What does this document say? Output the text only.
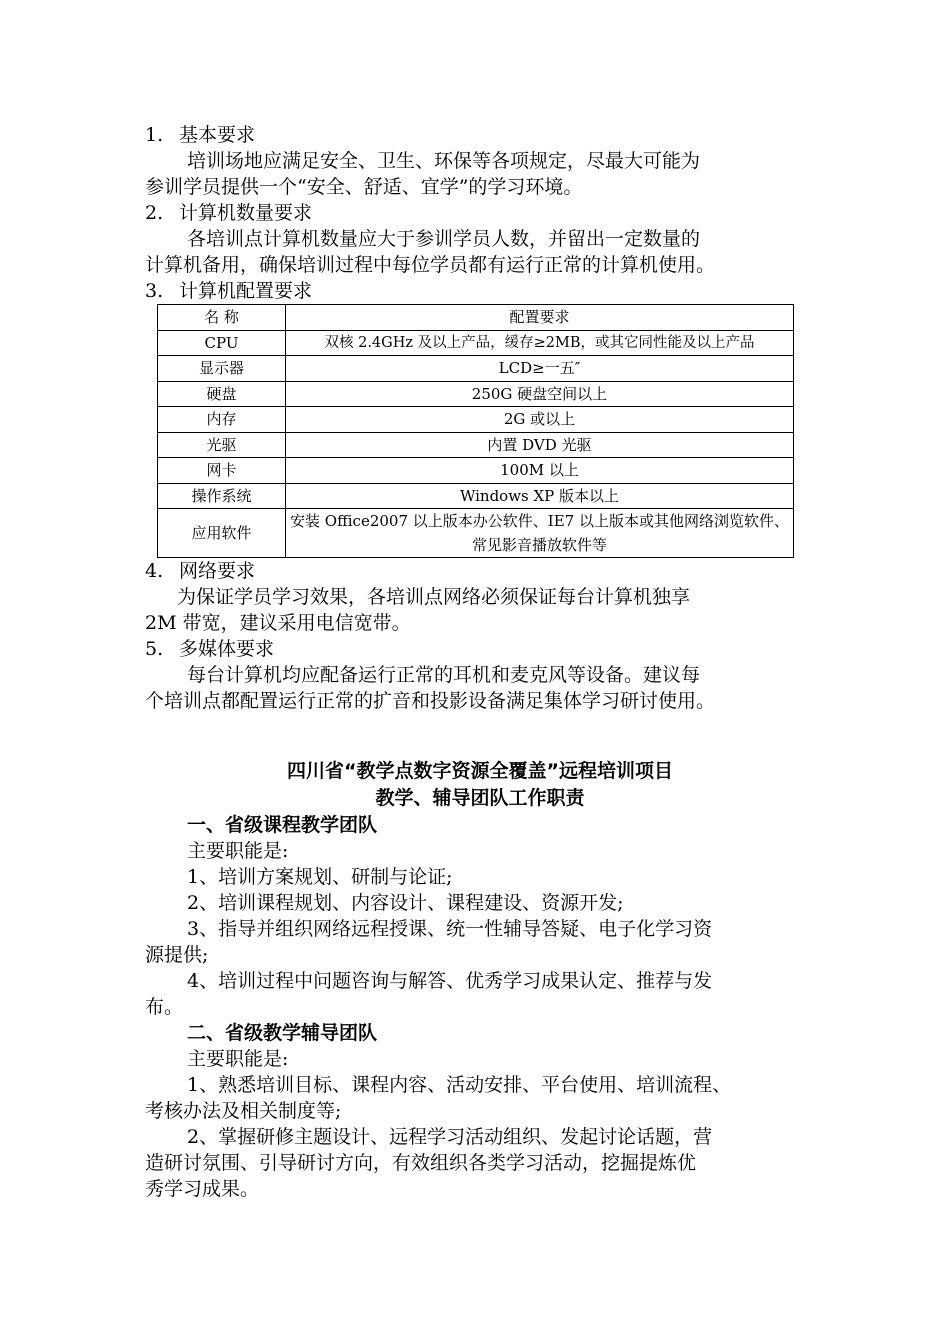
1. 基本要求
培训场地应满足安全、卫生、环保等各项规定，尽最大可能为
参训学员提供一个“安全、舒适、宜学”的学习环境。
2. 计算机数量要求
各培训点计算机数量应大于参训学员人数，并留出一定数量的
计算机备用，确保培训过程中每位学员都有运行正常的计算机使用。
3. 计算机配置要求
名 称	配置要求
CPU	双核 2.4GHz 及以上产品，缓存≥2MB，或其它同性能及以上产品
显示器	LCD≥一五″
硬盘	250G 硬盘空间以上
内存	2G 或以上
光驱	内置 DVD 光驱
网卡	100M 以上
操作系统	Windows XP 版本以上
应用软件	安装 Office2007 以上版本办公软件、IE7 以上版本或其他网络浏览软件、常见影音播放软件等
4. 网络要求
为保证学员学习效果，各培训点网络必须保证每台计算机独享
2M 带宽，建议采用电信宽带。
5. 多媒体要求
每台计算机均应配备运行正常的耳机和麦克风等设备。建议每
个培训点都配置运行正常的扩音和投影设备满足集体学习研讨使用。
四川省“教学点数字资源全覆盖”远程培训项目
教学、辅导团队工作职责
一、省级课程教学团队
主要职能是:
1、培训方案规划、研制与论证;
2、培训课程规划、内容设计、课程建设、资源开发;
3、指导并组织网络远程授课、统一性辅导答疑、电子化学习资
源提供;
4、培训过程中问题咨询与解答、优秀学习成果认定、推荐与发
布。
二、省级教学辅导团队
主要职能是:
1、熟悉培训目标、课程内容、活动安排、平台使用、培训流程、
考核办法及相关制度等;
2、掌握研修主题设计、远程学习活动组织、发起讨论话题，营
造研讨氛围、引导研讨方向，有效组织各类学习活动，挖掘提炼优
秀学习成果。
